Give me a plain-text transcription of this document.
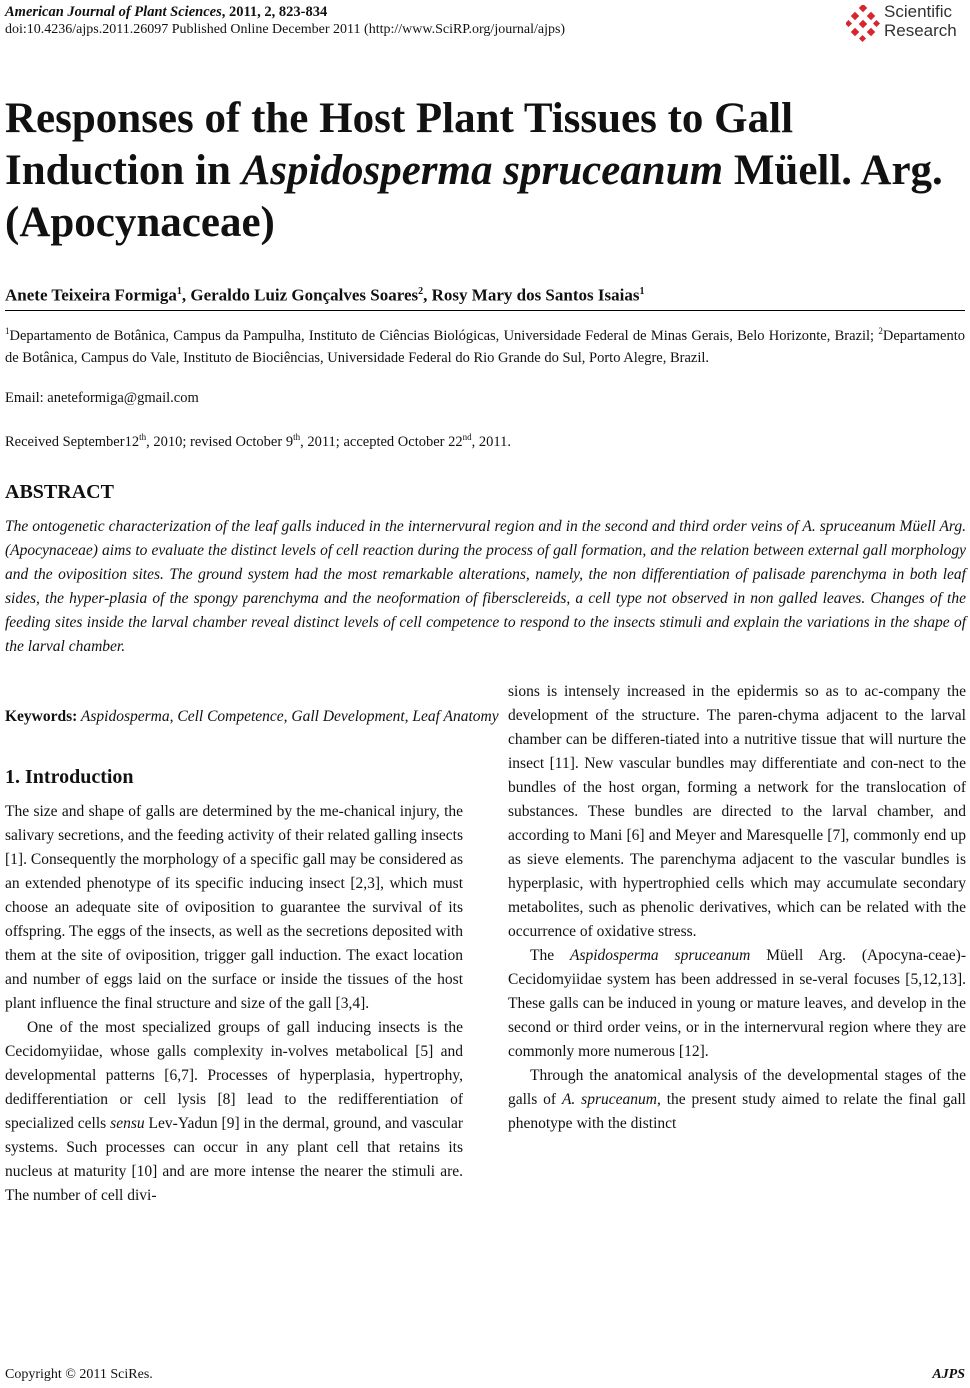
American Journal of Plant Sciences, 2011, 2, 823-834
doi:10.4236/ajps.2011.26097 Published Online December 2011 (http://www.SciRP.org/journal/ajps)
Scientific
Research
Responses of the Host Plant Tissues to Gall
Induction in Aspidosperma spruceanum Müell. Arg.
(Apocynaceae)
Anete Teixeira Formiga$^1$, Geraldo Luiz Gonçalves Soares$^2$, Rosy Mary dos Santos Isaias$^1$
$^1$Departamento de Botânica, Campus da Pampulha, Instituto de Ciências Biológicas, Universidade Federal de Minas Gerais, Belo Horizonte, Brazil; $^2$Departamento de Botânica, Campus do Vale, Instituto de Biociências, Universidade Federal do Rio Grande do Sul, Porto Alegre, Brazil.
Email: aneteformiga@gmail.com
Received September12th, 2010; revised October 9th, 2011; accepted October 22nd, 2011.
ABSTRACT
The ontogenetic characterization of the leaf galls induced in the internervural region and in the second and third order veins of A. spruceanum Müell Arg. (Apocynaceae) aims to evaluate the distinct levels of cell reaction during the process of gall formation, and the relation between external gall morphology and the oviposition sites. The ground system had the most remarkable alterations, namely, the non differentiation of palisade parenchyma in both leaf sides, the hyper-plasia of the spongy parenchyma and the neoformation of fibersclereids, a cell type not observed in non galled leaves. Changes of the feeding sites inside the larval chamber reveal distinct levels of cell competence to respond to the insects stimuli and explain the variations in the shape of the larval chamber.
Keywords: Aspidosperma, Cell Competence, Gall Development, Leaf Anatomy
1. Introduction

The size and shape of galls are determined by the me-chanical injury, the salivary secretions, and the feeding activity of their related galling insects [1]. Consequently the morphology of a specific gall may be considered as an extended phenotype of its specific inducing insect [2,3], which must choose an adequate site of oviposition to guarantee the survival of its offspring. The eggs of the insects, as well as the secretions deposited with them at the site of oviposition, trigger gall induction. The exact location and number of eggs laid on the surface or inside the tissues of the host plant influence the final structure and size of the gall [3,4].

One of the most specialized groups of gall inducing insects is the Cecidomyiidae, whose galls complexity in-volves metabolical [5] and developmental patterns [6,7]. Processes of hyperplasia, hypertrophy, dedifferentiation or cell lysis [8] lead to the redifferentiation of specialized cells sensu Lev-Yadun [9] in the dermal, ground, and vascular systems. Such processes can occur in any plant cell that retains its nucleus at maturity [10] and are more intense the nearer the stimuli are. The number of cell divi-

sions is intensely increased in the epidermis so as to ac-company the development of the structure. The paren-chyma adjacent to the larval chamber can be differen-tiated into a nutritive tissue that will nurture the insect [11]. New vascular bundles may differentiate and con-nect to the bundles of the host organ, forming a network for the translocation of substances. These bundles are directed to the larval chamber, and according to Mani [6] and Meyer and Maresquelle [7], commonly end up as sieve elements. The parenchyma adjacent to the vascular bundles is hyperplasic, with hypertrophied cells which may accumulate secondary metabolites, such as phenolic derivatives, which can be related with the occurrence of oxidative stress.

The Aspidosperma spruceanum Müell Arg. (Apocyna-ceae)-Cecidomyiidae system has been addressed in se-veral focuses [5,12,13]. These galls can be induced in young or mature leaves, and develop in the second or third order veins, or in the internervural region where they are commonly more numerous [12].

Through the anatomical analysis of the developmental stages of the galls of A. spruceanum, the present study aimed to relate the final gall phenotype with the distinct

Copyright © 2011 SciRes.	AJPS
